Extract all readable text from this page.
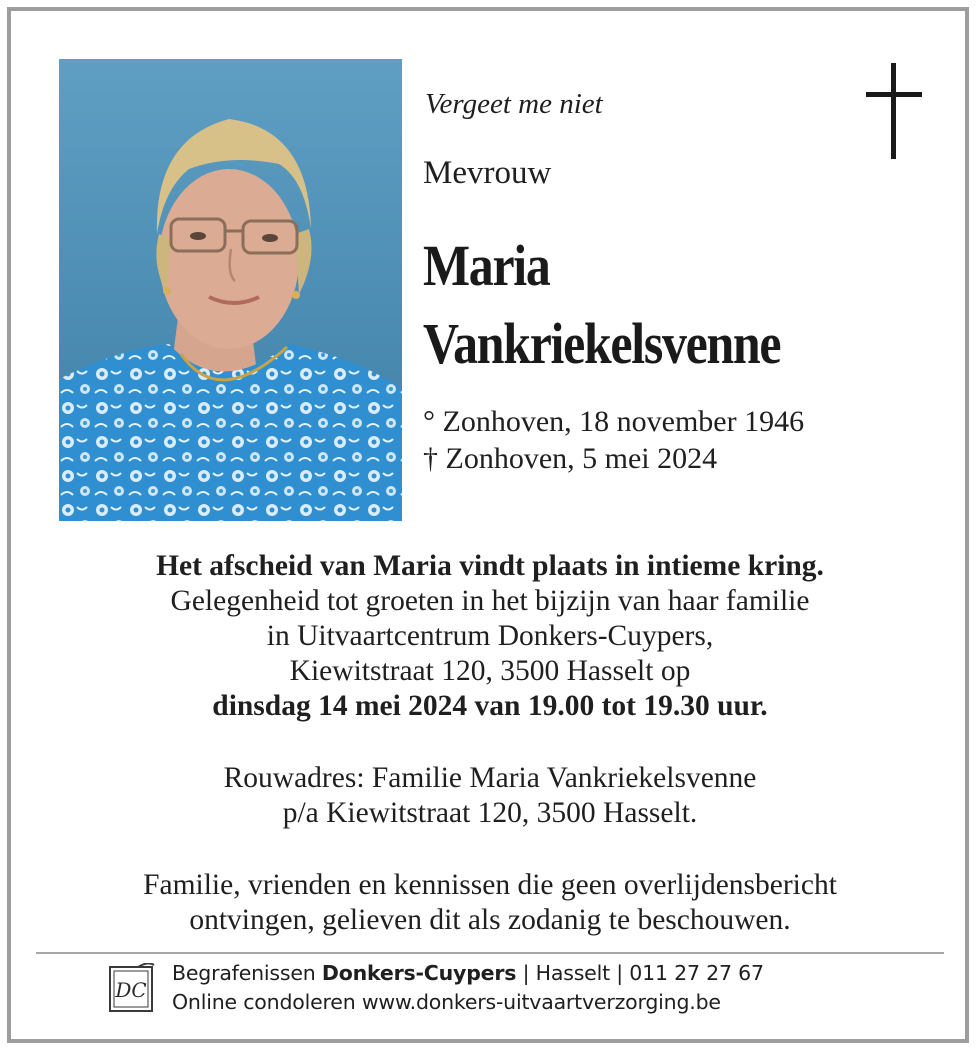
Vergeet me niet
Mevrouw
Maria
Vankriekelsvenne
° Zonhoven, 18 november 1946
† Zonhoven, 5 mei 2024
Het afscheid van Maria vindt plaats in intieme kring.
Gelegenheid tot groeten in het bijzijn van haar familie
in Uitvaartcentrum Donkers-Cuypers,
Kiewitstraat 120, 3500 Hasselt op
dinsdag 14 mei 2024 van 19.00 tot 19.30 uur.
Rouwadres: Familie Maria Vankriekelsvenne
p/a Kiewitstraat 120, 3500 Hasselt.
Familie, vrienden en kennissen die geen overlijdensbericht
ontvingen, gelieven dit als zodanig te beschouwen.
DC
Begrafenissen Donkers-Cuypers | Hasselt | 011 27 27 67
Online condoleren www.donkers-uitvaartverzorging.be
